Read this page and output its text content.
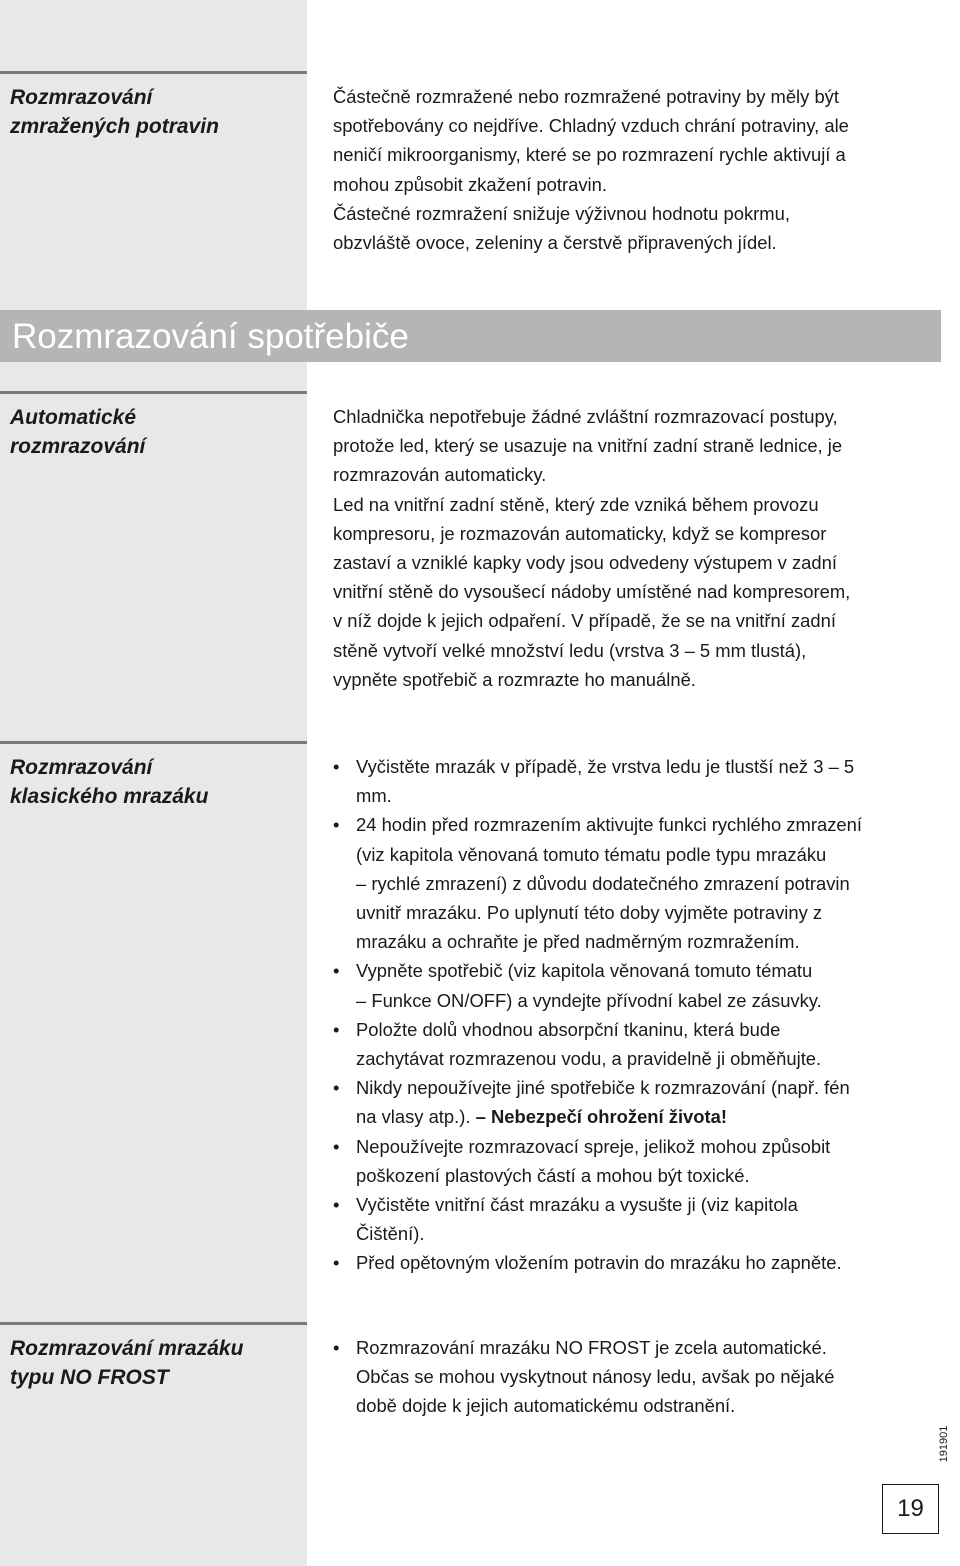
Rozmrazování
zmražených potravin

Částečně rozmražené nebo rozmražené potraviny by měly být

spotřebovány co nejdříve. Chladný vzduch chrání potraviny, ale

neničí mikroorganismy, které se po rozmrazení rychle aktivují a

mohou způsobit zkažení potravin.

Částečné rozmražení snižuje výživnou hodnotu pokrmu,

obzvláště ovoce, zeleniny a čerstvě připravených jídel.

Rozmrazování spotřebiče
Automatické
rozmrazování

Chladnička nepotřebuje žádné zvláštní rozmrazovací postupy,

protože led, který se usazuje na vnitřní zadní straně lednice, je

rozmrazován automaticky.

Led na vnitřní zadní stěně, který zde vzniká během provozu

kompresoru, je rozmazován automaticky, když se kompresor

zastaví a vzniklé kapky vody jsou odvedeny výstupem v zadní

vnitřní stěně do vysoušecí nádoby umístěné nad kompresorem,

v níž dojde k jejich odpaření. V případě, že se na vnitřní zadní

stěně vytvoří velké množství ledu (vrstva 3 – 5 mm tlustá),

vypněte spotřebič a rozmrazte ho manuálně.

Rozmrazování
klasického mrazáku
• Vyčistěte mrazák v případě, že vrstva ledu je tlustší než 3 – 5
mm.
• 24 hodin před rozmrazením aktivujte funkci rychlého zmrazení
(viz kapitola věnovaná tomuto tématu podle typu mrazáku
– rychlé zmrazení) z důvodu dodatečného zmrazení potravin
uvnitř mrazáku. Po uplynutí této doby vyjměte potraviny z
mrazáku a ochraňte je před nadměrným rozmražením.
• Vypněte spotřebič (viz kapitola věnovaná tomuto tématu
– Funkce ON/OFF) a vyndejte přívodní kabel ze zásuvky.
• Položte dolů vhodnou absorpční tkaninu, která bude
zachytávat rozmrazenou vodu, a pravidelně ji obměňujte.
• Nikdy nepoužívejte jiné spotřebiče k rozmrazování (např. fén
na vlasy atp.). – Nebezpečí ohrožení života!
• Nepoužívejte rozmrazovací spreje, jelikož mohou způsobit
poškození plastových částí a mohou být toxické.
• Vyčistěte vnitřní část mrazáku a vysušte ji (viz kapitola
Čištění).
• Před opětovným vložením potravin do mrazáku ho zapněte.
Rozmrazování mrazáku
typu NO FROST
• Rozmrazování mrazáku NO FROST je zcela automatické.
Občas se mohou vyskytnout nánosy ledu, avšak po nějaké
době dojde k jejich automatickému odstranění.
191901
19
